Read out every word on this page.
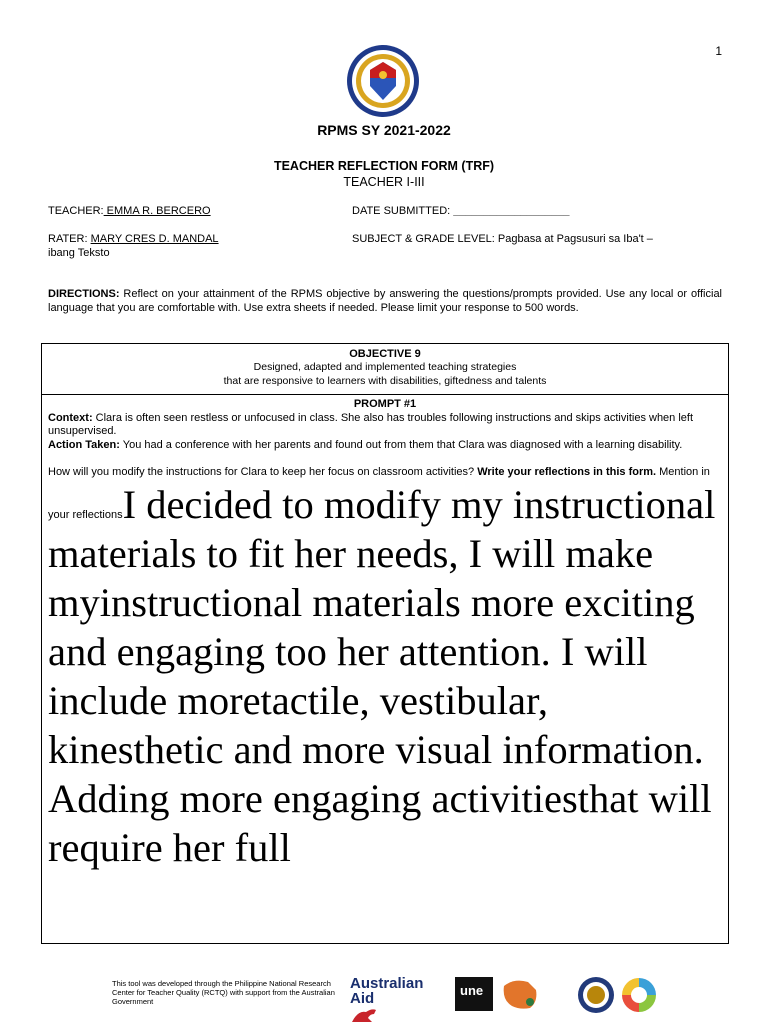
1
RPMS SY 2021-2022
TEACHER REFLECTION FORM (TRF)
TEACHER I-III
TEACHER: EMMA R. BERCERO	DATE SUBMITTED: ___________________
RATER: MARY CRES D. MANDAL	SUBJECT & GRADE LEVEL: Pagbasa at Pagsusuri sa Iba't –
ibang Teksto
DIRECTIONS: Reflect on your attainment of the RPMS objective by answering the questions/prompts provided. Use any local or official language that you are comfortable with. Use extra sheets if needed. Please limit your response to 500 words.
OBJECTIVE 9
Designed, adapted and implemented teaching strategies
that are responsive to learners with disabilities, giftedness and talents
PROMPT #1
Context: Clara is often seen restless or unfocused in class. She also has troubles following instructions and skips activities when left unsupervised.
Action Taken: You had a conference with her parents and found out from them that Clara was diagnosed with a learning disability.
How will you modify the instructions for Clara to keep her focus on classroom activities? Write your reflections in this form. Mention in your reflectionsI decided to modify my instructional materials to fit her needs, I will make myinstructional materials more exciting and engaging too her attention. I will include moretactile, vestibular, kinesthetic and more visual information. Adding more engaging activitiesthat will require her full
This tool was developed through the Philippine National Research Center for Teacher Quality (RCTQ) with support from the Australian Government
Australian
Aid	une
